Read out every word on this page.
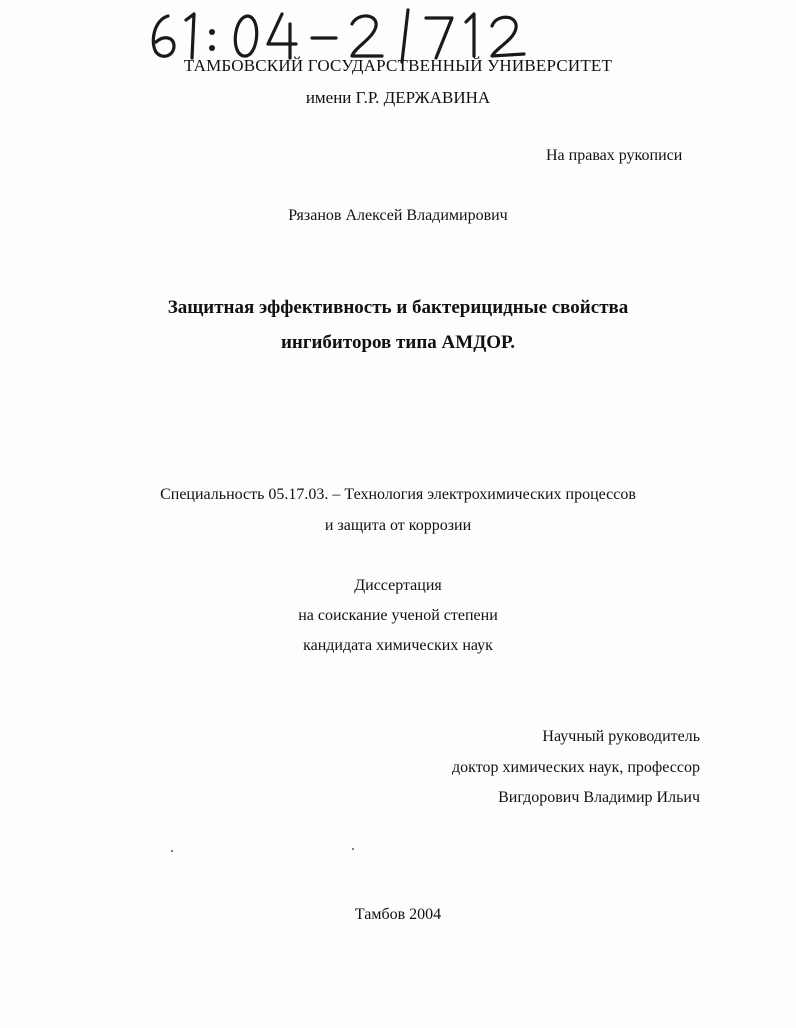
ТАМБОВСКИЙ ГОСУДАРСТВЕННЫЙ УНИВЕРСИТЕТ
имени Г.Р. ДЕРЖАВИНА
На правах рукописи
Рязанов Алексей Владимирович
Защитная эффективность и бактерицидные свойства
ингибиторов типа АМДОР.
Специальность 05.17.03. – Технология электрохимических процессов
и защита от коррозии
Диссертация
на соискание ученой степени
кандидата химических наук
Научный руководитель
доктор химических наук, профессор
Вигдорович Владимир Ильич
Тамбов 2004
